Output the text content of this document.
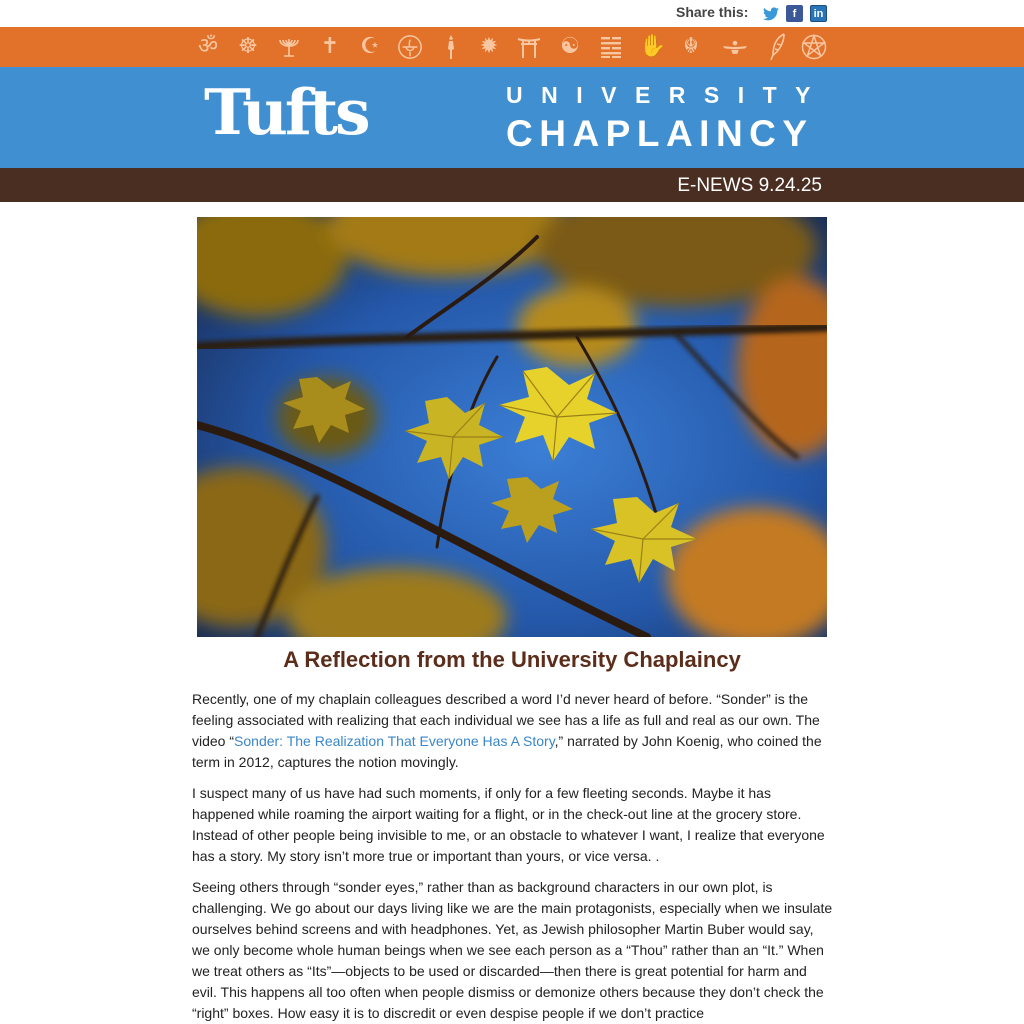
Share this:	f	in
ॐ ☸	✝ ☪	✹	☯	✋ ☬
Tufts	UNIVERSITY
CHAPLAINCY
E-NEWS 9.24.25
A Reflection from the University Chaplaincy

Recently, one of my chaplain colleagues described a word I’d never heard of before. “Sonder” is the feeling associated with realizing that each individual we see has a life as full and real as our own. The video “Sonder: The Realization That Everyone Has A Story,” narrated by John Koenig, who coined the term in 2012, captures the notion movingly.

I suspect many of us have had such moments, if only for a few fleeting seconds. Maybe it has happened while roaming the airport waiting for a flight, or in the check-out line at the grocery store. Instead of other people being invisible to me, or an obstacle to whatever I want, I realize that everyone has a story. My story isn’t more true or important than yours, or vice versa. .

Seeing others through “sonder eyes,” rather than as background characters in our own plot, is challenging. We go about our days living like we are the main protagonists, especially when we insulate ourselves behind screens and with headphones. Yet, as Jewish philosopher Martin Buber would say, we only become whole human beings when we see each person as a “Thou” rather than an “It.” When we treat others as “Its”—objects to be used or discarded—then there is great potential for harm and evil. This happens all too often when people dismiss or demonize others because they don’t check the “right” boxes. How easy it is to discredit or even despise people if we don’t practice
